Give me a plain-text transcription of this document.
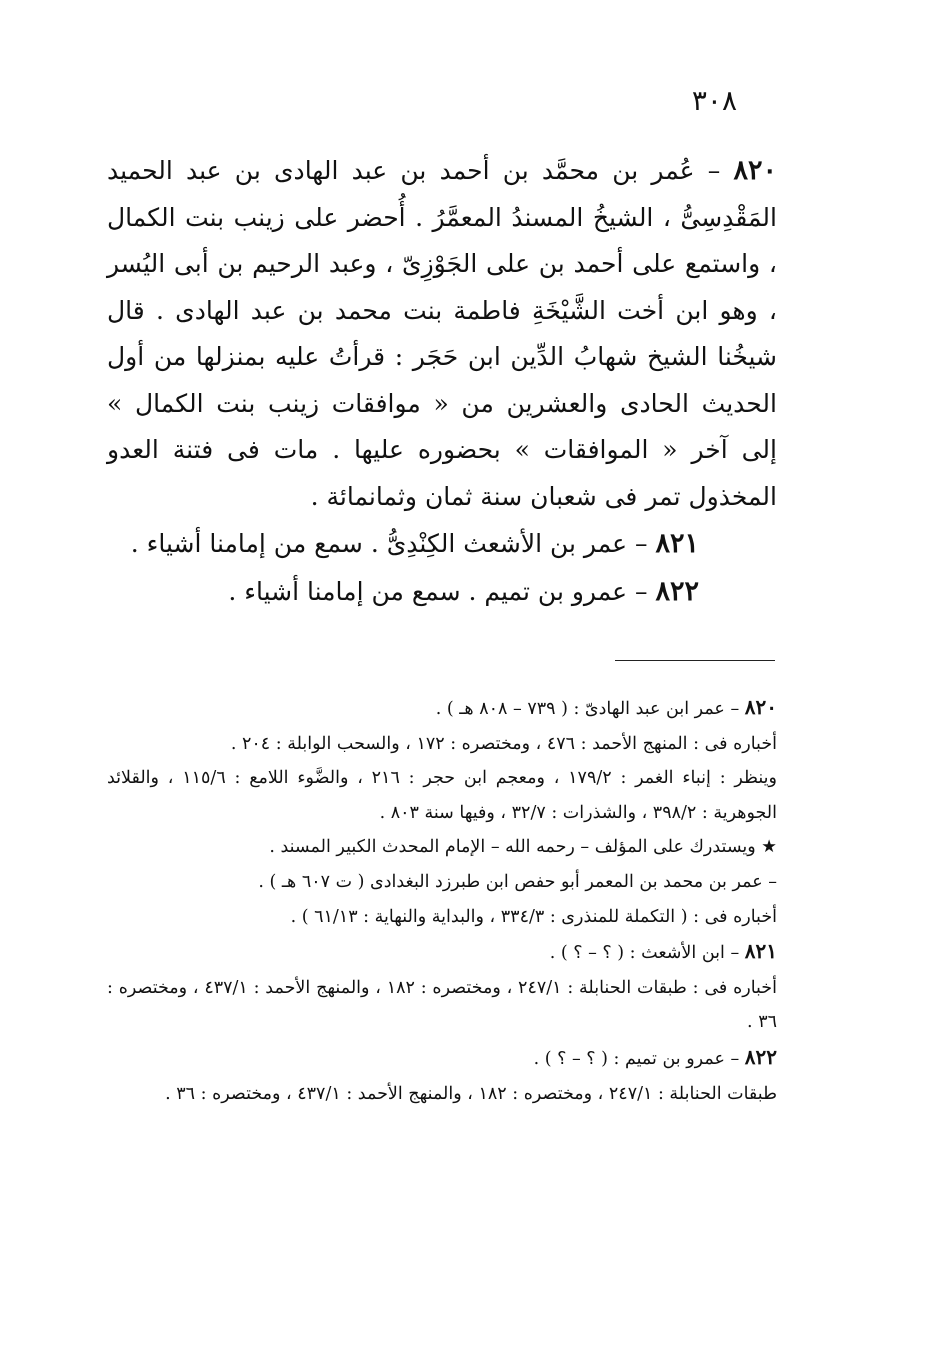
٣٠٨

٨٢٠ – عُمر بن محمَّد بن أحمد بن عبد الهادى بن عبد الحميد المَقْدِسِىُّ ، الشيخُ المسندُ المعمَّرُ . أُحضر على زينب بنت الكمال ، واستمع على أحمد بن على الجَوْزِىّ ، وعبد الرحيم بن أبى اليُسر ، وهو ابن أخت الشَّيْخَةِ فاطمة بنت محمد بن عبد الهادى . قال شيخُنا الشيخ شهابُ الدِّين ابن حَجَر : قرأتُ عليه بمنزلها من أول الحديث الحادى والعشرين من « موافقات زينب بنت الكمال » إلى آخر « الموافقات » بحضوره عليها . مات فى فتنة العدو المخذول تمر فى شعبان سنة ثمان وثمانمائة .

٨٢١ – عمر بن الأشعث الكِنْدِىُّ . سمع من إمامنا أشياء .

٨٢٢ – عمرو بن تميم . سمع من إمامنا أشياء .

٨٢٠ – عمر ابن عبد الهادىّ : ( ٧٣٩ – ٨٠٨ هـ ) .

أخباره فى : المنهج الأحمد : ٤٧٦ ، ومختصره : ١٧٢ ، والسحب الوابلة : ٢٠٤ .

وينظر : إنباء الغمر : ١٧٩/٢ ، ومعجم ابن حجر : ٢١٦ ، والضَّوء اللامع : ١١٥/٦ ، والقلائد الجوهرية : ٣٩٨/٢ ، والشذرات : ٣٢/٧ ، وفيها سنة ٨٠٣ .

★ ويستدرك على المؤلف – رحمه الله – الإمام المحدث الكبير المسند .

– عمر بن محمد بن المعمر أبو حفص ابن طبرزد البغدادى ( ت ٦٠٧ هـ ) .

أخباره فى : ( التكملة للمنذرى : ٣٣٤/٣ ، والبداية والنهاية : ٦١/١٣ ) .

٨٢١ – ابن الأشعث : ( ؟ – ؟ ) .

أخباره فى : طبقات الحنابلة : ٢٤٧/١ ، ومختصره : ١٨٢ ، والمنهج الأحمد : ٤٣٧/١ ، ومختصره : ٣٦ .

٨٢٢ – عمرو بن تميم : ( ؟ – ؟ ) .

طبقات الحنابلة : ٢٤٧/١ ، ومختصره : ١٨٢ ، والمنهج الأحمد : ٤٣٧/١ ، ومختصره : ٣٦ .
